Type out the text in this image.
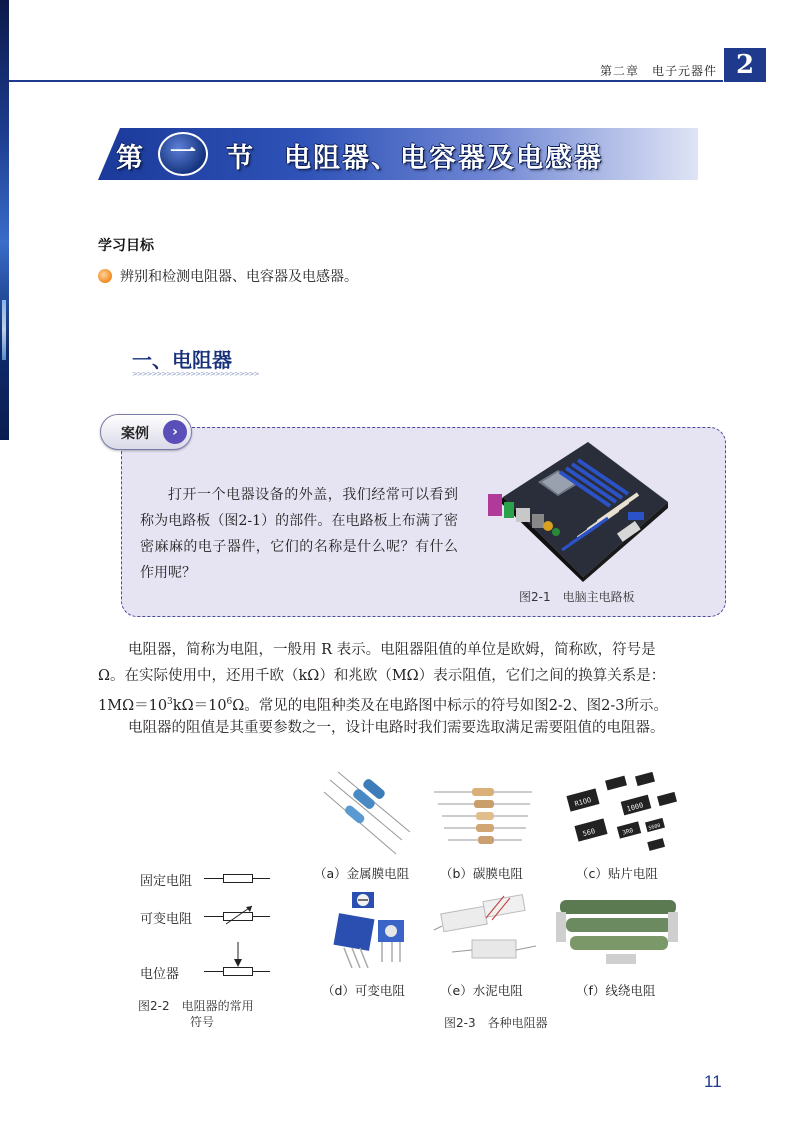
第二章　电子元器件 2
第 一	节 电阻器、电容器及电感器
学习目标
辨别和检测电阻器、电容器及电感器。
一、电阻器
>>>>>>>>>>>>>>>>>>>>>>>>>>
案例	›
打开一个电器设备的外盖，我们经常可以看到称为电路板（图2-1）的部件。在电路板上布满了密密麻麻的电子器件，它们的名称是什么呢？有什么作用呢？
图2-1　电脑主电路板
电阻器，简称为电阻，一般用 R 表示。电阻器阻值的单位是欧姆，简称欧，符号是
Ω。在实际使用中，还用千欧（kΩ）和兆欧（MΩ）表示阻值，它们之间的换算关系是：
$1M\Omega=10^3k\Omega=10^6\Omega$。常见的电阻种类及在电路图中标示的符号如图2-2、图2-3所示。
电阻器的阻值是其重要参数之一，设计电路时我们需要选取满足需要阻值的电阻器。
固定电阻
可变电阻
电位器
图2-2　电阻器的常用
符号
R1OO	1000
560	3R0	5600
（a）金属膜电阻 （b）碳膜电阻	（c）贴片电阻
（d）可变电阻	（e）水泥电阻	（f）线绕电阻
图2-3　各种电阻器
11
